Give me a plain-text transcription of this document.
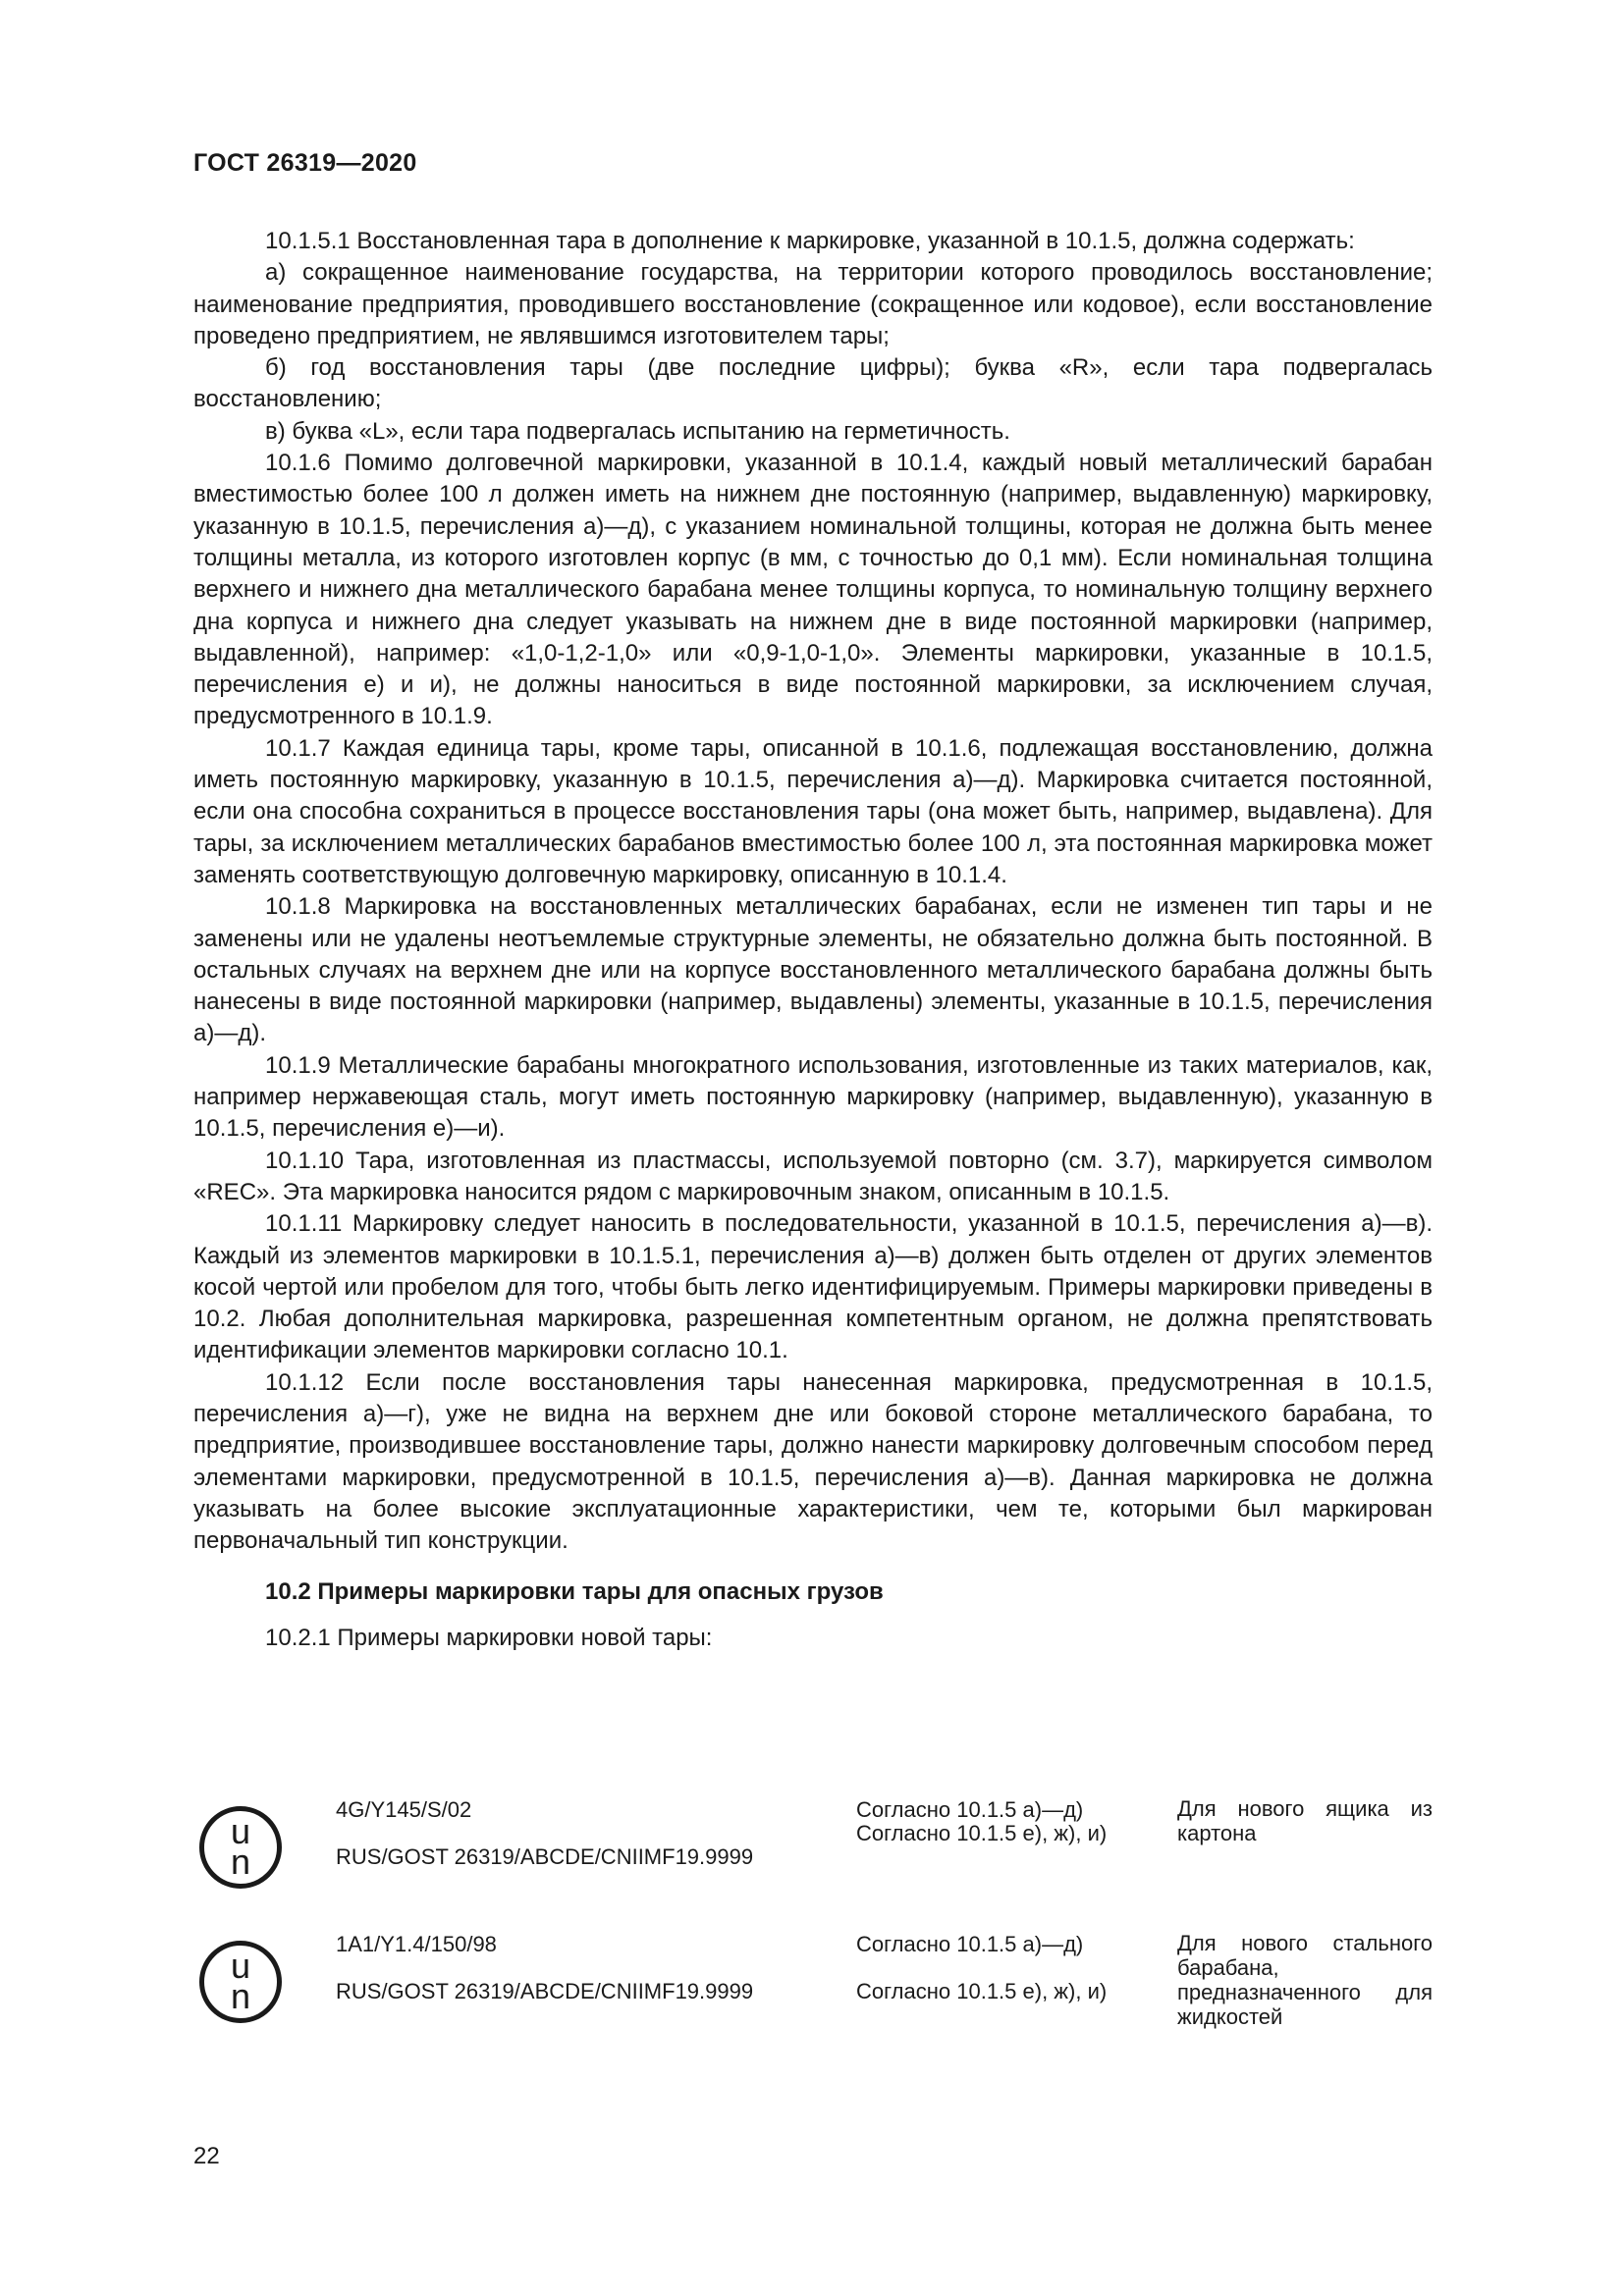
ГОСТ 26319—2020

10.1.5.1 Восстановленная тара в дополнение к маркировке, указанной в 10.1.5, должна содержать:

а) сокращенное наименование государства, на территории которого проводилось восстановление; наименование предприятия, проводившего восстановление (сокращенное или кодовое), если восстановление проведено предприятием, не являвшимся изготовителем тары;

б) год восстановления тары (две последние цифры); буква «R», если тара подвергалась восстановлению;

в) буква «L», если тара подвергалась испытанию на герметичность.

10.1.6 Помимо долговечной маркировки, указанной в 10.1.4, каждый новый металлический барабан вместимостью более 100 л должен иметь на нижнем дне постоянную (например, выдавленную) маркировку, указанную в 10.1.5, перечисления а)—д), с указанием номинальной толщины, которая не должна быть менее толщины металла, из которого изготовлен корпус (в мм, с точностью до 0,1 мм). Если номинальная толщина верхнего и нижнего дна металлического барабана менее толщины корпуса, то номинальную толщину верхнего дна корпуса и нижнего дна следует указывать на нижнем дне в виде постоянной маркировки (например, выдавленной), например: «1,0-1,2-1,0» или «0,9-1,0-1,0». Элементы маркировки, указанные в 10.1.5, перечисления е) и и), не должны наноситься в виде постоянной маркировки, за исключением случая, предусмотренного в 10.1.9.

10.1.7 Каждая единица тары, кроме тары, описанной в 10.1.6, подлежащая восстановлению, должна иметь постоянную маркировку, указанную в 10.1.5, перечисления а)—д). Маркировка считается постоянной, если она способна сохраниться в процессе восстановления тары (она может быть, например, выдавлена). Для тары, за исключением металлических барабанов вместимостью более 100 л, эта постоянная маркировка может заменять соответствующую долговечную маркировку, описанную в 10.1.4.

10.1.8 Маркировка на восстановленных металлических барабанах, если не изменен тип тары и не заменены или не удалены неотъемлемые структурные элементы, не обязательно должна быть постоянной. В остальных случаях на верхнем дне или на корпусе восстановленного металлического барабана должны быть нанесены в виде постоянной маркировки (например, выдавлены) элементы, указанные в 10.1.5, перечисления а)—д).

10.1.9 Металлические барабаны многократного использования, изготовленные из таких материалов, как, например нержавеющая сталь, могут иметь постоянную маркировку (например, выдавленную), указанную в 10.1.5, перечисления е)—и).

10.1.10 Тара, изготовленная из пластмассы, используемой повторно (см. 3.7), маркируется символом «REC». Эта маркировка наносится рядом с маркировочным знаком, описанным в 10.1.5.

10.1.11 Маркировку следует наносить в последовательности, указанной в 10.1.5, перечисления а)—в). Каждый из элементов маркировки в 10.1.5.1, перечисления а)—в) должен быть отделен от других элементов косой чертой или пробелом для того, чтобы быть легко идентифицируемым. Примеры маркировки приведены в 10.2. Любая дополнительная маркировка, разрешенная компетентным органом, не должна препятствовать идентификации элементов маркировки согласно 10.1.

10.1.12 Если после восстановления тары нанесенная маркировка, предусмотренная в 10.1.5, перечисления а)—г), уже не видна на верхнем дне или боковой стороне металлического барабана, то предприятие, производившее восстановление тары, должно нанести маркировку долговечным способом перед элементами маркировки, предусмотренной в 10.1.5, перечисления а)—в). Данная маркировка не должна указывать на более высокие эксплуатационные характеристики, чем те, которыми был маркирован первоначальный тип конструкции.

10.2 Примеры маркировки тары для опасных грузов

10.2.1 Примеры маркировки новой тары:

u
n
4G/Y145/S/02
RUS/GOST 26319/ABCDE/CNIIMF19.9999
Согласно 10.1.5 а)—д)
Согласно 10.1.5 е), ж), и)
Для нового ящика из картона
u
n
1A1/Y1.4/150/98
RUS/GOST 26319/ABCDE/CNIIMF19.9999
Согласно 10.1.5 а)—д)
Согласно 10.1.5 е), ж), и)
Для нового стального барабана, предназначенного для жидкостей
22
